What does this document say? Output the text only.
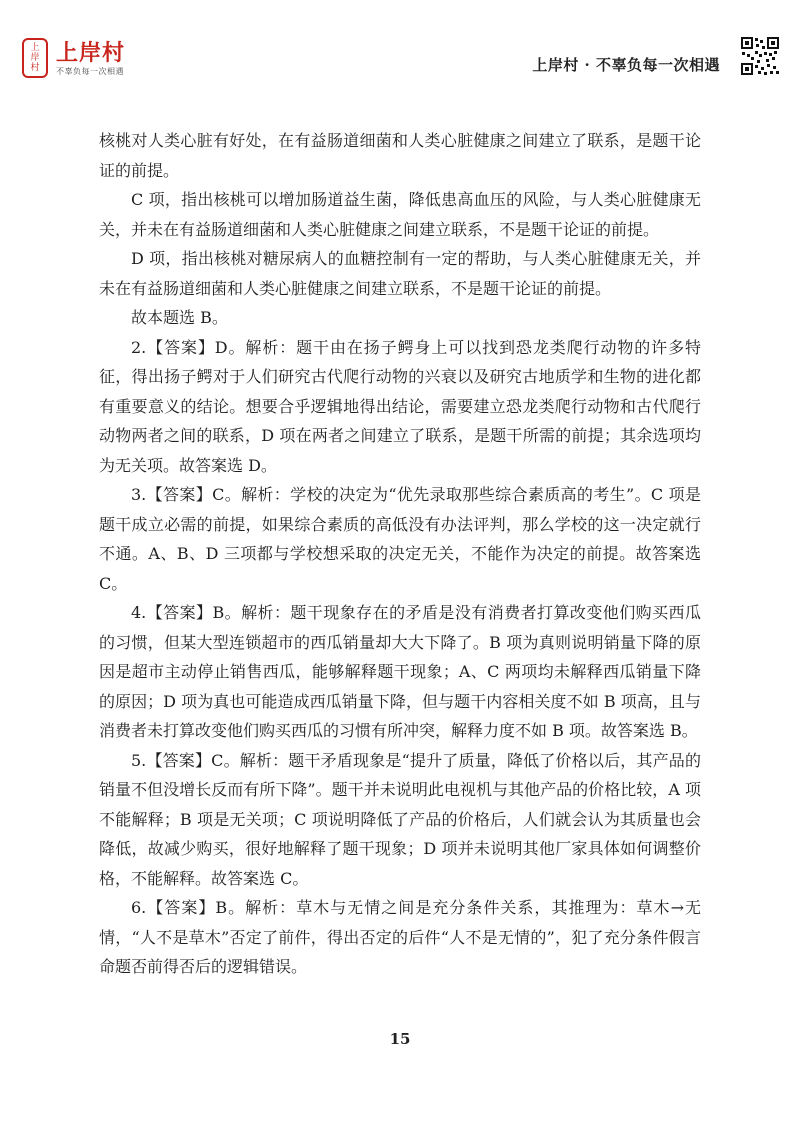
上
岸
村
上岸村
不辜负每一次相遇	上岸村 · 不辜负每一次相遇

核桃对人类心脏有好处，在有益肠道细菌和人类心脏健康之间建立了联系，是题干论证的前提。

C 项，指出核桃可以增加肠道益生菌，降低患高血压的风险，与人类心脏健康无关，并未在有益肠道细菌和人类心脏健康之间建立联系，不是题干论证的前提。

D 项，指出核桃对糖尿病人的血糖控制有一定的帮助，与人类心脏健康无关，并未在有益肠道细菌和人类心脏健康之间建立联系，不是题干论证的前提。

故本题选 B。

2.【答案】D。解析：题干由在扬子鳄身上可以找到恐龙类爬行动物的许多特征，得出扬子鳄对于人们研究古代爬行动物的兴衰以及研究古地质学和生物的进化都有重要意义的结论。想要合乎逻辑地得出结论，需要建立恐龙类爬行动物和古代爬行动物两者之间的联系，D 项在两者之间建立了联系，是题干所需的前提；其余选项均为无关项。故答案选 D。

3.【答案】C。解析：学校的决定为“优先录取那些综合素质高的考生”。C 项是题干成立必需的前提，如果综合素质的高低没有办法评判，那么学校的这一决定就行不通。A、B、D 三项都与学校想采取的决定无关，不能作为决定的前提。故答案选 C。

4.【答案】B。解析：题干现象存在的矛盾是没有消费者打算改变他们购买西瓜的习惯，但某大型连锁超市的西瓜销量却大大下降了。B 项为真则说明销量下降的原因是超市主动停止销售西瓜，能够解释题干现象；A、C 两项均未解释西瓜销量下降的原因；D 项为真也可能造成西瓜销量下降，但与题干内容相关度不如 B 项高，且与消费者未打算改变他们购买西瓜的习惯有所冲突，解释力度不如 B 项。故答案选 B。

5.【答案】C。解析：题干矛盾现象是“提升了质量，降低了价格以后，其产品的销量不但没增长反而有所下降”。题干并未说明此电视机与其他产品的价格比较，A 项不能解释；B 项是无关项；C 项说明降低了产品的价格后，人们就会认为其质量也会降低，故减少购买，很好地解释了题干现象；D 项并未说明其他厂家具体如何调整价格，不能解释。故答案选 C。

6.【答案】B。解析：草木与无情之间是充分条件关系，其推理为：草木→无情，“人不是草木”否定了前件，得出否定的后件“人不是无情的”，犯了充分条件假言命题否前得否后的逻辑错误。

15
